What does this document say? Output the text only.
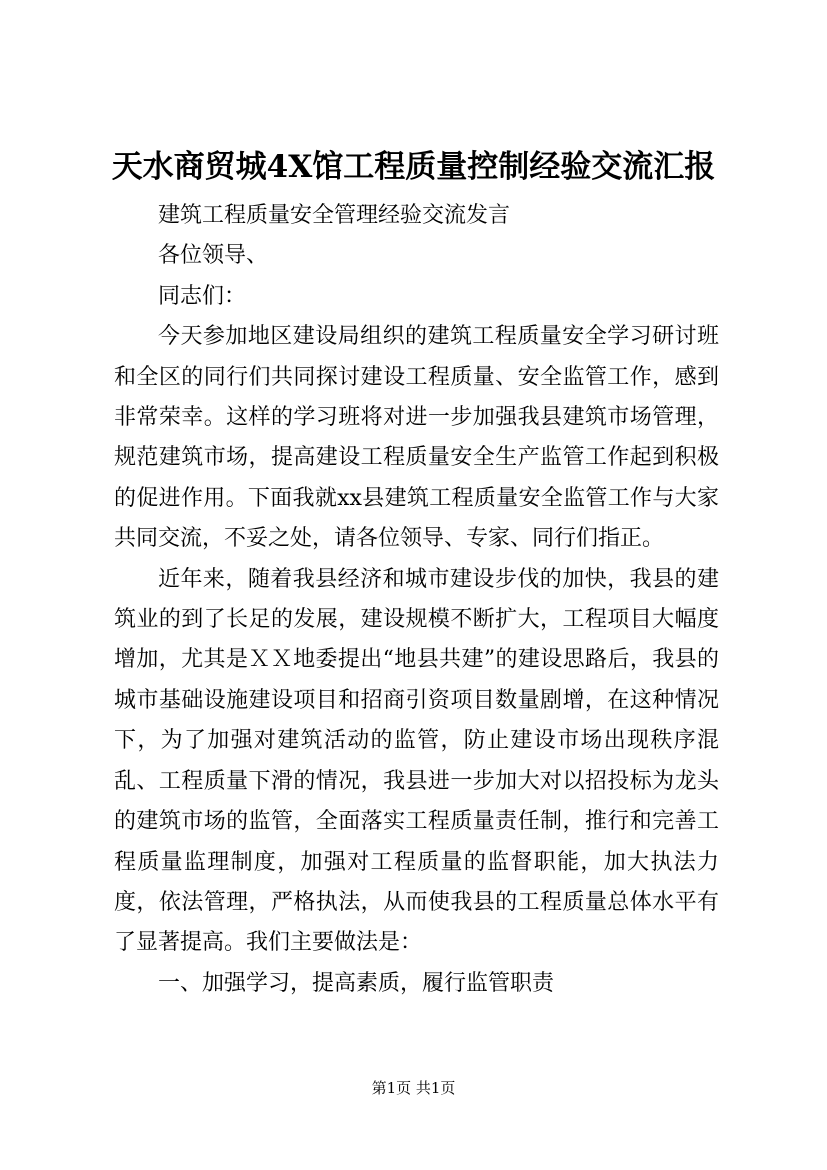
天水商贸城4X馆工程质量控制经验交流汇报

建筑工程质量安全管理经验交流发言

各位领导、

同志们：

今天参加地区建设局组织的建筑工程质量安全学习研讨班和全区的同行们共同探讨建设工程质量、安全监管工作，感到非常荣幸。这样的学习班将对进一步加强我县建筑市场管理，规范建筑市场，提高建设工程质量安全生产监管工作起到积极的促进作用。下面我就xx县建筑工程质量安全监管工作与大家共同交流，不妥之处，请各位领导、专家、同行们指正。

近年来，随着我县经济和城市建设步伐的加快，我县的建筑业的到了长足的发展，建设规模不断扩大，工程项目大幅度增加，尤其是ＸＸ地委提出“地县共建”的建设思路后，我县的城市基础设施建设项目和招商引资项目数量剧增，在这种情况下，为了加强对建筑活动的监管，防止建设市场出现秩序混乱、工程质量下滑的情况，我县进一步加大对以招投标为龙头的建筑市场的监管，全面落实工程质量责任制，推行和完善工程质量监理制度，加强对工程质量的监督职能，加大执法力度，依法管理，严格执法，从而使我县的工程质量总体水平有了显著提高。我们主要做法是：

一、加强学习，提高素质，履行监管职责

第1页 共1页
